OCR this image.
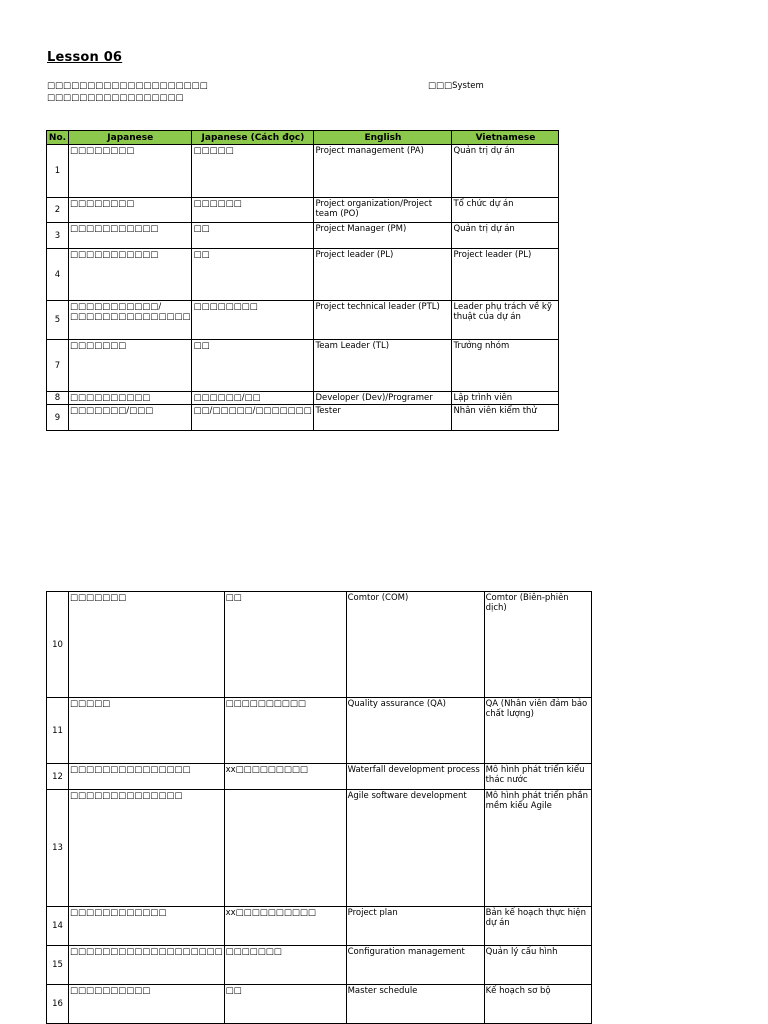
Lesson 06
□□□□□□□□□□□□□□□□□□□□
□□□□□□□□□□□□□□□□□
□□□System
No.	Japanese	Japanese (Cách đọc)	English	Vietnamese
1	□□□□□□□□	□□□□□	Project management (PA)	Quản trị dự án
2	□□□□□□□□	□□□□□□	Project organization/Project team (PO)	Tổ chức dự án
3	□□□□□□□□□□□	□□	Project Manager (PM)	Quản trị dự án
4	□□□□□□□□□□□	□□	Project leader (PL)	Project leader (PL)
5	□□□□□□□□□□□/□□□□□□□□□□□□□□□	□□□□□□□□	Project technical leader (PTL)	Leader phụ trách về kỹ thuật của dự án
7	□□□□□□□	□□	Team Leader (TL)	Trưởng nhóm
8	□□□□□□□□□□	□□□□□□/□□	Developer (Dev)/Programer	Lập trình viên
9	□□□□□□□/□□□	□□/□□□□□/□□□□□□□	Tester	Nhân viên kiểm thử
10	□□□□□□□	□□	Comtor (COM)	Comtor (Biên-phiên dịch)
11	□□□□□	□□□□□□□□□□	Quality assurance (QA)	QA (Nhân viên đảm bảo chất lượng)
12	□□□□□□□□□□□□□□□	xx□□□□□□□□□	Waterfall development process	Mô hình phát triển kiểu thác nước
13	□□□□□□□□□□□□□□		Agile software development	Mô hình phát triển phần mềm kiểu Agile
14	□□□□□□□□□□□□	xx□□□□□□□□□□	Project plan	Bản kế hoạch thực hiện dự án
15	□□□□□□□□□□□□□□□□□□□	□□□□□□□	Configuration management	Quản lý cấu hình
16	□□□□□□□□□□	□□	Master schedule	Kế hoạch sơ bộ
